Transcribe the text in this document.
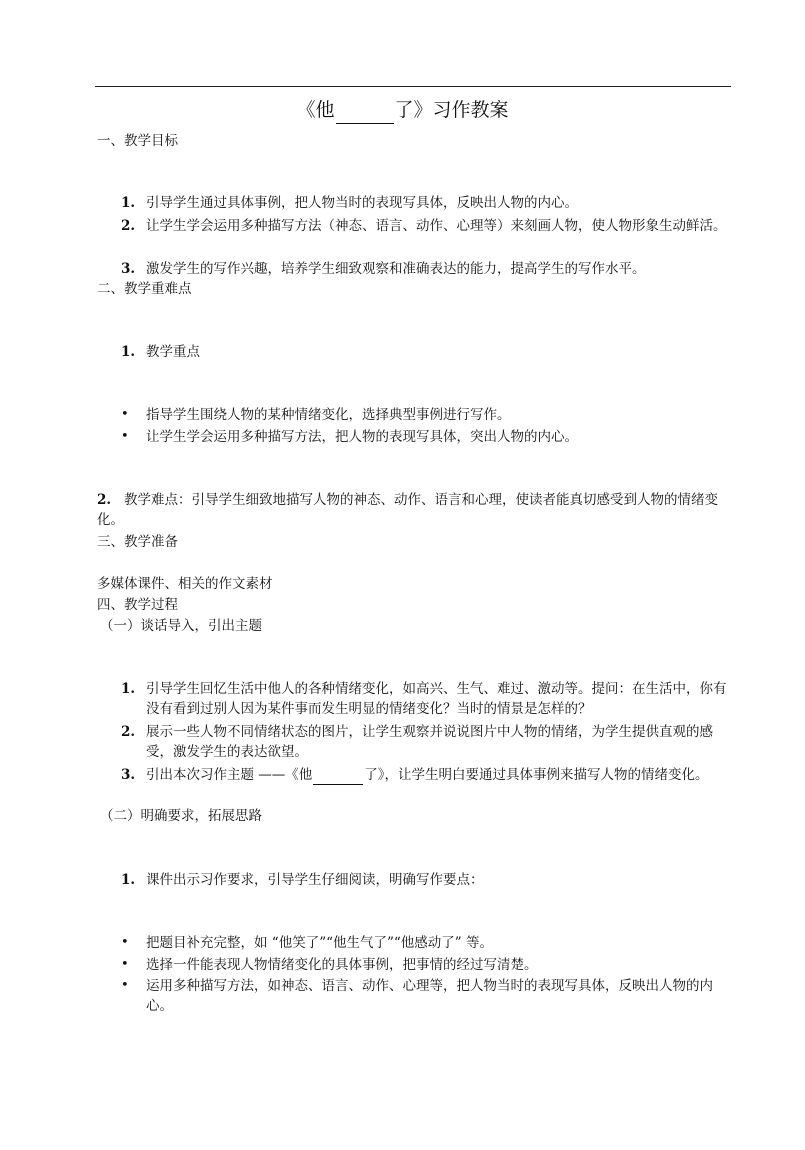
《他	了》习作教案
一、教学目标
1. 引导学生通过具体事例，把人物当时的表现写具体，反映出人物的内心。
2. 让学生学会运用多种描写方法（神态、语言、动作、心理等）来刻画人物，使人物形象生动鲜活。
3. 激发学生的写作兴趣，培养学生细致观察和准确表达的能力，提高学生的写作水平。
二、教学重难点
1. 教学重点
• 指导学生围绕人物的某种情绪变化，选择典型事例进行写作。
• 让学生学会运用多种描写方法，把人物的表现写具体，突出人物的内心。
2. 教学难点：引导学生细致地描写人物的神态、动作、语言和心理，使读者能真切感受到人物的情绪变化。
三、教学准备
多媒体课件、相关的作文素材
四、教学过程
（一）谈话导入，引出主题
1. 引导学生回忆生活中他人的各种情绪变化，如高兴、生气、难过、激动等。提问：在生活中，你有没有看到过别人因为某件事而发生明显的情绪变化？当时的情景是怎样的？
2. 展示一些人物不同情绪状态的图片，让学生观察并说说图片中人物的情绪，为学生提供直观的感受，激发学生的表达欲望。
3. 引出本次习作主题 ——《他	了》，让学生明白要通过具体事例来描写人物的情绪变化。
（二）明确要求，拓展思路
1. 课件出示习作要求，引导学生仔细阅读，明确写作要点：
• 把题目补充完整，如 “他笑了”“他生气了”“他感动了” 等。
• 选择一件能表现人物情绪变化的具体事例，把事情的经过写清楚。
• 运用多种描写方法，如神态、语言、动作、心理等，把人物当时的表现写具体，反映出人物的内心。
